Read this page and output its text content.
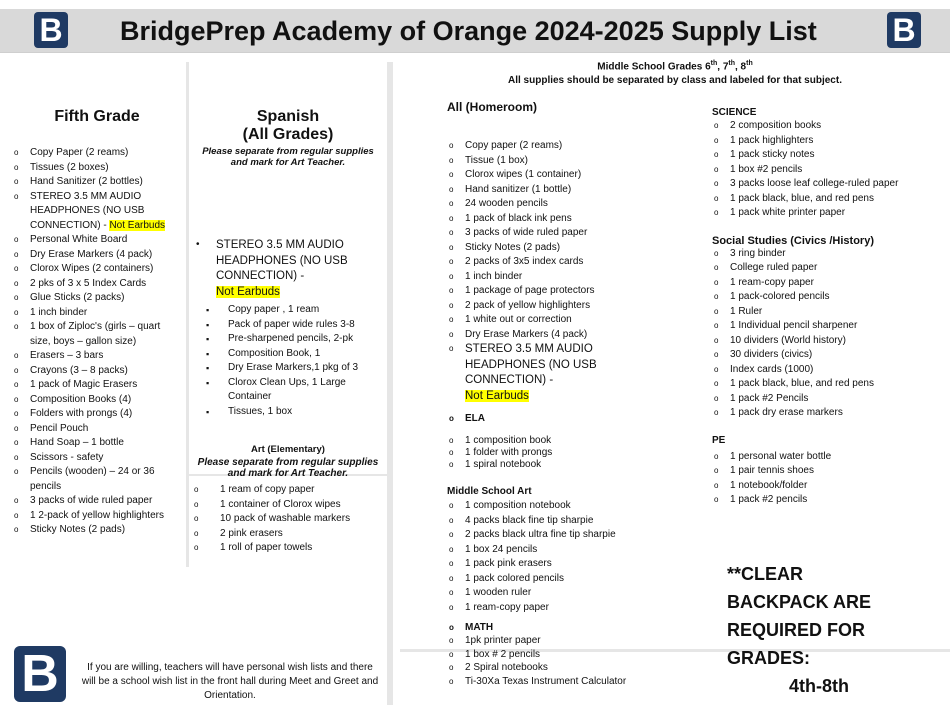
B BridgePrep Academy of Orange 2024-2025 Supply List B
Fifth Grade
o Copy Paper (2 reams)
o Tissues (2 boxes)
o Hand Sanitizer (2 bottles)
o STEREO 3.5 MM AUDIO HEADPHONES (NO USB CONNECTION) - Not Earbuds
o Personal White Board
o Dry Erase Markers (4 pack)
o Clorox Wipes (2 containers)
o 2 pks of 3 x 5 Index Cards
o Glue Sticks (2 packs)
o 1 inch binder
o 1 box of Ziploc's (girls – quart size, boys – gallon size)
o Erasers – 3 bars
o Crayons (3 – 8 packs)
o 1 pack of Magic Erasers
o Composition Books (4)
o Folders with prongs (4)
o Pencil Pouch
o Hand Soap – 1 bottle
o Scissors - safety
o Pencils (wooden) – 24 or 36 pencils
o 3 packs of wide ruled paper
o 1 2-pack of yellow highlighters
o Sticky Notes (2 pads)
Spanish
(All Grades)
Please separate from regular supplies and mark for Art Teacher.
• STEREO 3.5 MM AUDIO HEADPHONES (NO USB CONNECTION) -
Not Earbuds
▪ Copy paper , 1 ream
▪ Pack of paper wide rules 3-8
▪ Pre-sharpened pencils, 2-pk
▪ Composition Book, 1
▪ Dry Erase Markers,1 pkg of 3
▪ Clorox Clean Ups, 1 Large Container
▪ Tissues, 1 box
Art (Elementary)
Please separate from regular supplies and mark for Art Teacher.
o 1 ream of copy paper
o 1 container of Clorox wipes
o 10 pack of washable markers
o 2 pink erasers
o 1 roll of paper towels
Middle School Grades 6th, 7th, 8th
All supplies should be separated by class and labeled for that subject.
All (Homeroom)
o Copy paper (2 reams)
o Tissue (1 box)
o Clorox wipes (1 container)
o Hand sanitizer (1 bottle)
o 24 wooden pencils
o 1 pack of black ink pens
o 3 packs of wide ruled paper
o Sticky Notes (2 pads)
o 2 packs of 3x5 index cards
o 1 inch binder
o 1 package of page protectors
o 2 pack of yellow highlighters
o 1 white out or correction
o Dry Erase Markers (4 pack)
o STEREO 3.5 MM AUDIO HEADPHONES (NO USB CONNECTION) -
Not Earbuds
o ELA
o 1 composition book
o 1 folder with prongs
o 1 spiral notebook
Middle School Art
o 1 composition notebook
o 4 packs black fine tip sharpie
o 2 packs black ultra fine tip sharpie
o 1 box 24 pencils
o 1 pack pink erasers
o 1 pack colored pencils
o 1 wooden ruler
o 1 ream-copy paper
o MATH
o 1pk printer paper
o 1 box # 2 pencils
o 2 Spiral notebooks
o Ti-30Xa Texas Instrument Calculator
SCIENCE
o 2 composition books
o 1 pack highlighters
o 1 pack sticky notes
o 1 box #2 pencils
o 3 packs loose leaf college-ruled paper
o 1 pack black, blue, and red pens
o 1 pack white printer paper
Social Studies (Civics /History)
o 3 ring binder
o College ruled paper
o 1 ream-copy paper
o 1 pack-colored pencils
o 1 Ruler
o 1 Individual pencil sharpener
o 10 dividers (World history)
o 30 dividers (civics)
o Index cards (1000)
o 1 pack black, blue, and red pens
o 1 pack #2 Pencils
o 1 pack dry erase markers
PE
o 1 personal water bottle
o 1 pair tennis shoes
o 1 notebook/folder
o 1 pack #2 pencils
**CLEAR
BACKPACK ARE
REQUIRED FOR
GRADES:
4th-8th
B	If you are willing, teachers will have personal wish lists and there will be a school wish list in the front hall during Meet and Greet and Orientation.
